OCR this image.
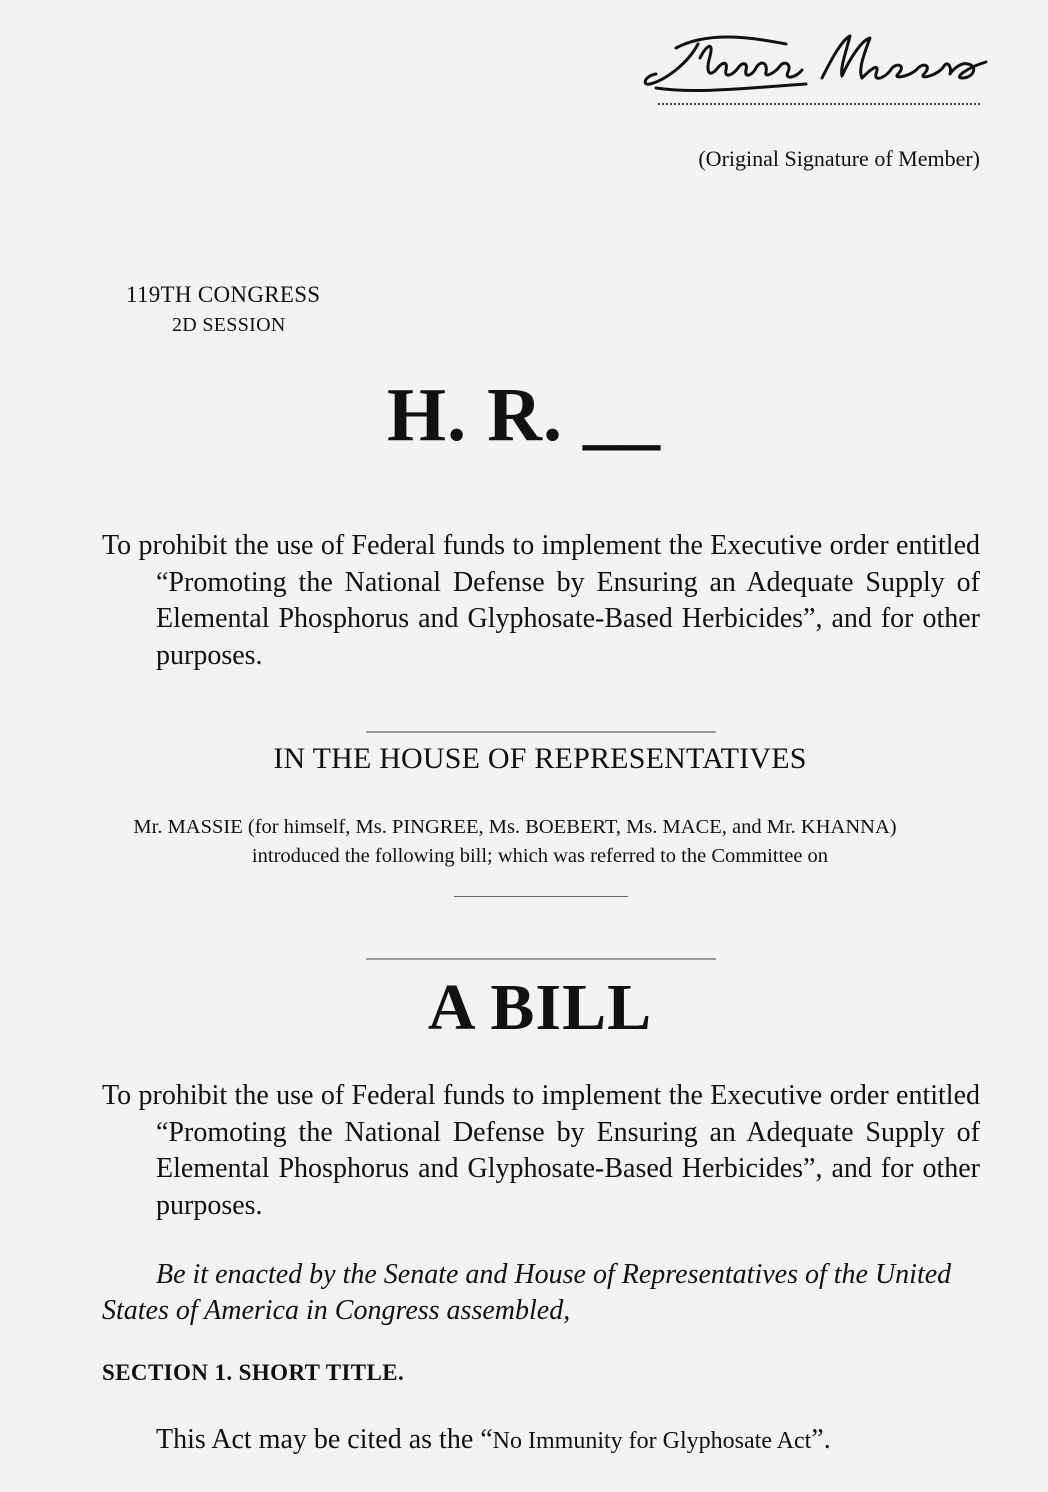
(Original Signature of Member)
119TH CONGRESS
2D SESSION
H. R. __
To prohibit the use of Federal funds to implement the Executive order entitled “Promoting the National Defense by Ensuring an Adequate Supply of Elemental Phosphorus and Glyphosate-Based Herbicides”, and for other purposes.
IN THE HOUSE OF REPRESENTATIVES
Mr. MASSIE (for himself, Ms. PINGREE, Ms. BOEBERT, Ms. MACE, and Mr. KHANNA)
introduced the following bill; which was referred to the Committee on
A BILL
To prohibit the use of Federal funds to implement the Executive order entitled “Promoting the National Defense by Ensuring an Adequate Supply of Elemental Phosphorus and Glyphosate-Based Herbicides”, and for other purposes.
Be it enacted by the Senate and House of Representatives of the United States of America in Congress assembled,
SECTION 1. SHORT TITLE.
This Act may be cited as the “No Immunity for Glyphosate Act”.
